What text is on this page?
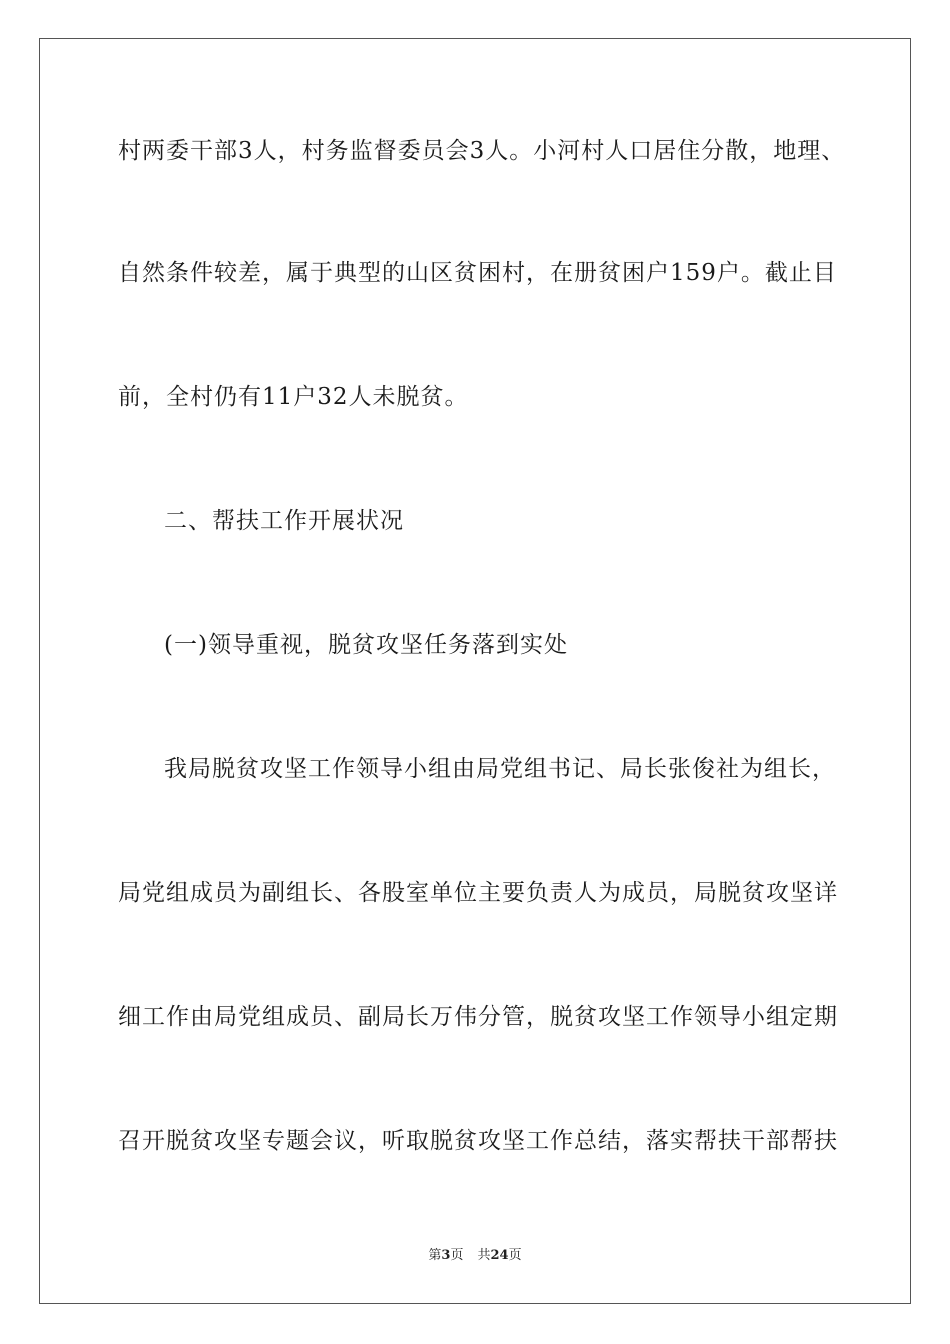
村两委干部3人，村务监督委员会3人。小河村人口居住分散，地理、
自然条件较差，属于典型的山区贫困村，在册贫困户159户。截止目
前，全村仍有11户32人未脱贫。
二、帮扶工作开展状况
(一)领导重视，脱贫攻坚任务落到实处
我局脱贫攻坚工作领导小组由局党组书记、局长张俊社为组长，
局党组成员为副组长、各股室单位主要负责人为成员，局脱贫攻坚详
细工作由局党组成员、副局长万伟分管，脱贫攻坚工作领导小组定期
召开脱贫攻坚专题会议，听取脱贫攻坚工作总结，落实帮扶干部帮扶
第3页 共24页
